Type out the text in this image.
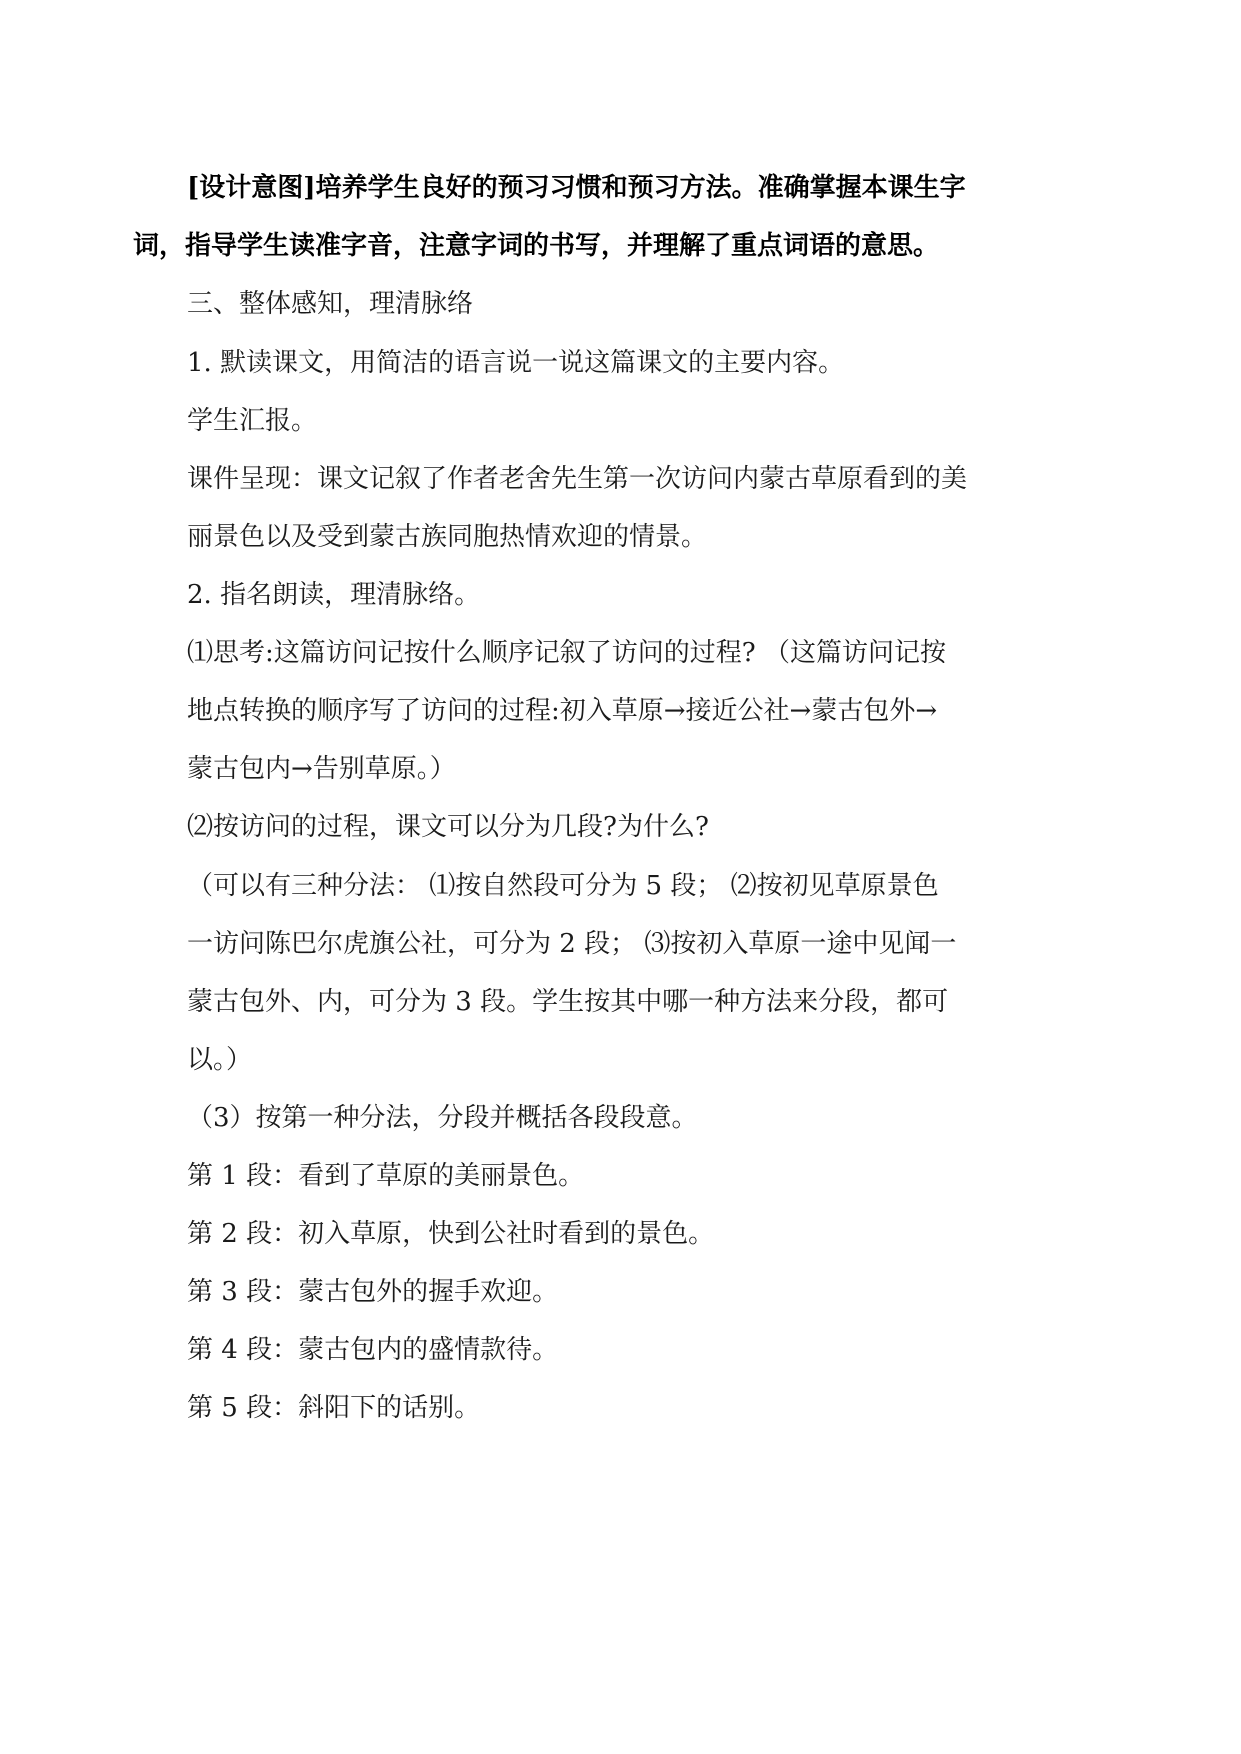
[设计意图]培养学生良好的预习习惯和预习方法。准确掌握本课生字
词，指导学生读准字音，注意字词的书写，并理解了重点词语的意思。
三、整体感知，理清脉络
1. 默读课文，用简洁的语言说一说这篇课文的主要内容。
学生汇报。
课件呈现：课文记叙了作者老舍先生第一次访问内蒙古草原看到的美
丽景色以及受到蒙古族同胞热情欢迎的情景。
2. 指名朗读，理清脉络。
⑴思考:这篇访问记按什么顺序记叙了访问的过程? （这篇访问记按
地点转换的顺序写了访问的过程:初入草原→接近公社→蒙古包外→
蒙古包内→告别草原。）
⑵按访问的过程，课文可以分为几段?为什么?
（可以有三种分法： ⑴按自然段可分为 5 段； ⑵按初见草原景色
一访问陈巴尔虎旗公社，可分为 2 段； ⑶按初入草原一途中见闻一
蒙古包外、内，可分为 3 段。学生按其中哪一种方法来分段，都可
以。）
（3）按第一种分法，分段并概括各段段意。
第 1 段：看到了草原的美丽景色。
第 2 段：初入草原，快到公社时看到的景色。
第 3 段：蒙古包外的握手欢迎。
第 4 段：蒙古包内的盛情款待。
第 5 段：斜阳下的话别。
